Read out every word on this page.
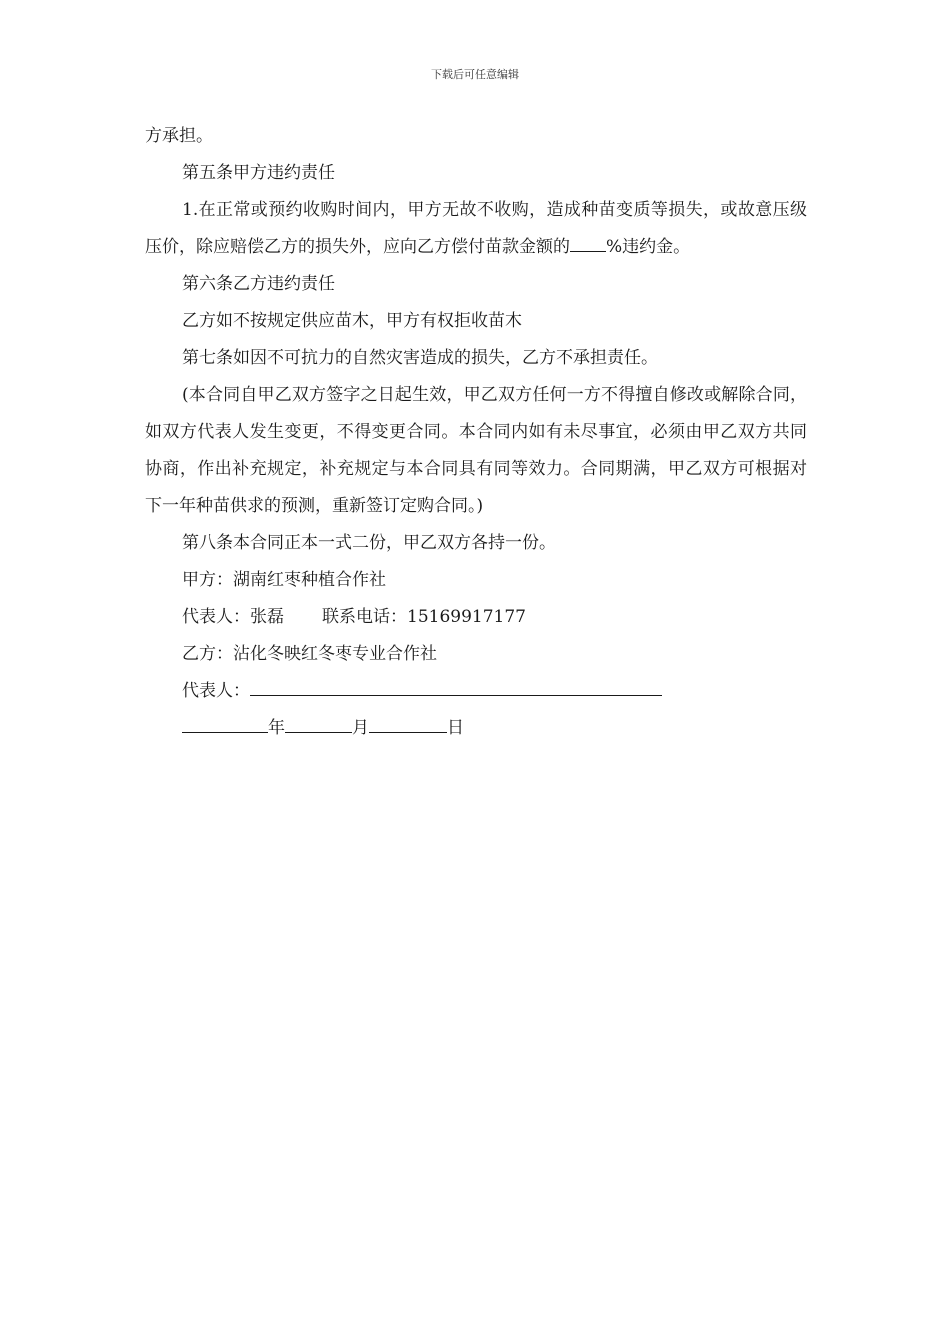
下载后可任意编辑

方承担。

第五条甲方违约责任

1.在正常或预约收购时间内，甲方无故不收购，造成种苗变质等损失，或故意压级压价，除应赔偿乙方的损失外，应向乙方偿付苗款金额的 %违约金。

第六条乙方违约责任

乙方如不按规定供应苗木，甲方有权拒收苗木

第七条如因不可抗力的自然灾害造成的损失，乙方不承担责任。

(本合同自甲乙双方签字之日起生效，甲乙双方任何一方不得擅自修改或解除合同，如双方代表人发生变更，不得变更合同。本合同内如有未尽事宜，必须由甲乙双方共同协商，作出补充规定，补充规定与本合同具有同等效力。合同期满，甲乙双方可根据对下一年种苗供求的预测，重新签订定购合同。)

第八条本合同正本一式二份，甲乙双方各持一份。

甲方：湖南红枣种植合作社

代表人：张磊 联系电话：15169917177

乙方：沾化冬映红冬枣专业合作社

代表人：

年	月	日
